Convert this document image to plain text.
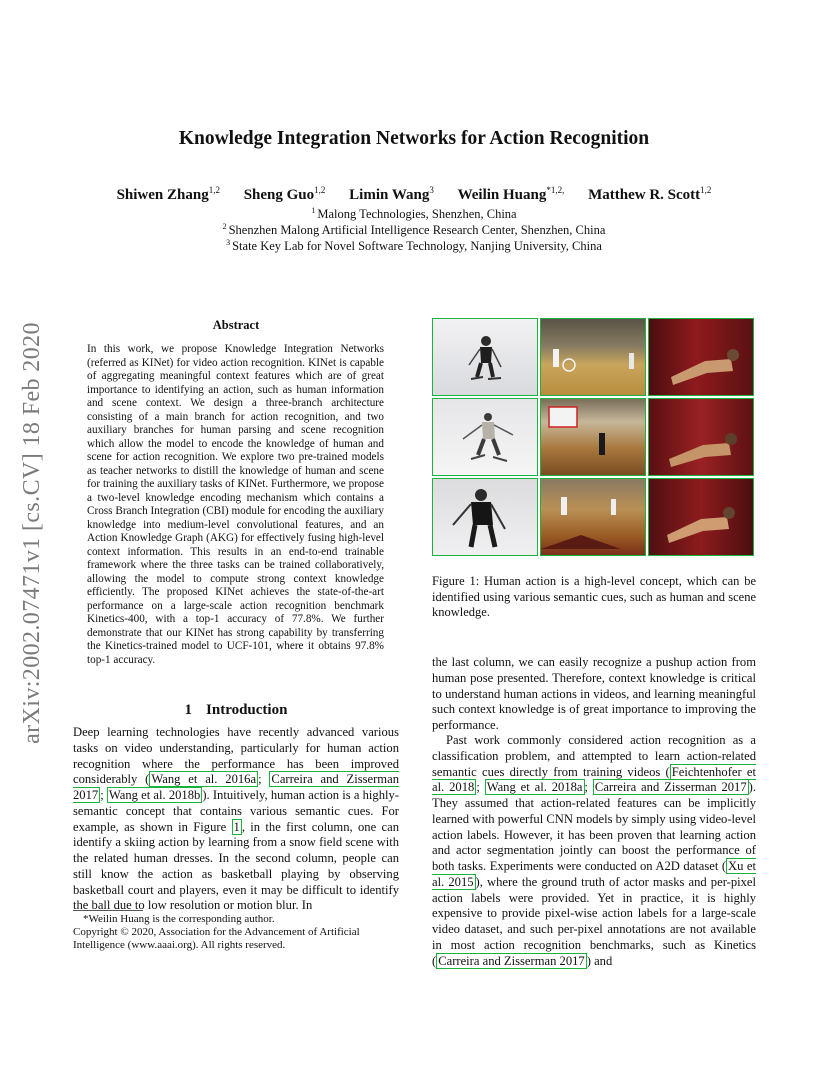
arXiv:2002.07471v1 [cs.CV] 18 Feb 2020
Knowledge Integration Networks for Action Recognition
Shiwen Zhang$^{1,2}$ Sheng Guo$^{1,2}$ Limin Wang$^3$ Weilin Huang$^{*1,2,}$ Matthew R. Scott$^{1,2}$
$^1$ Malong Technologies, Shenzhen, China
$^2$ Shenzhen Malong Artificial Intelligence Research Center, Shenzhen, China
$^3$ State Key Lab for Novel Software Technology, Nanjing University, China
Abstract
In this work, we propose Knowledge Integration Networks (referred as KINet) for video action recognition. KINet is capable of aggregating meaningful context features which are of great importance to identifying an action, such as human information and scene context. We design a three-branch architecture consisting of a main branch for action recognition, and two auxiliary branches for human parsing and scene recognition which allow the model to encode the knowledge of human and scene for action recognition. We explore two pre-trained models as teacher networks to distill the knowledge of human and scene for training the auxiliary tasks of KINet. Furthermore, we propose a two-level knowledge encoding mechanism which contains a Cross Branch Integration (CBI) module for encoding the auxiliary knowledge into medium-level convolutional features, and an Action Knowledge Graph (AKG) for effectively fusing high-level context information. This results in an end-to-end trainable framework where the three tasks can be trained collaboratively, allowing the model to compute strong context knowledge efficiently. The proposed KINet achieves the state-of-the-art performance on a large-scale action recognition benchmark Kinetics-400, with a top-1 accuracy of 77.8%. We further demonstrate that our KINet has strong capability by transferring the Kinetics-trained model to UCF-101, where it obtains 97.8% top-1 accuracy.
1 Introduction
Deep learning technologies have recently advanced various tasks on video understanding, particularly for human action recognition where the performance has been improved considerably ( Wang et al. 2016a ; Carreira and Zisserman 2017 ; Wang et al. 2018b ). Intuitively, human action is a highly-semantic concept that contains various semantic cues. For example, as shown in Figure 1 , in the first column, one can identify a skiing action by learning from a snow field scene with the related human dresses. In the second column, people can still know the action as basketball playing by observing basketball court and players, even it may be difficult to identify the ball due to low resolution or motion blur. In
*Weilin Huang is the corresponding author.
Copyright © 2020, Association for the Advancement of Artificial Intelligence (www.aaai.org). All rights reserved.
Figure 1: Human action is a high-level concept, which can be identified using various semantic cues, such as human and scene knowledge.
the last column, we can easily recognize a pushup action from human pose presented. Therefore, context knowledge is critical to understand human actions in videos, and learning meaningful such context knowledge is of great importance to improving the performance.
Past work commonly considered action recognition as a classification problem, and attempted to learn action-related semantic cues directly from training videos ( Feichtenhofer et al. 2018 ; Wang et al. 2018a ; Carreira and Zisserman 2017 ). They assumed that action-related features can be implicitly learned with powerful CNN models by simply using video-level action labels. However, it has been proven that learning action and actor segmentation jointly can boost the performance of both tasks. Experiments were conducted on A2D dataset ( Xu et al. 2015 ), where the ground truth of actor masks and per-pixel action labels were provided. Yet in practice, it is highly expensive to provide pixel-wise action labels for a large-scale video dataset, and such per-pixel annotations are not available in most action recognition benchmarks, such as Kinetics ( Carreira and Zisserman 2017 ) and
